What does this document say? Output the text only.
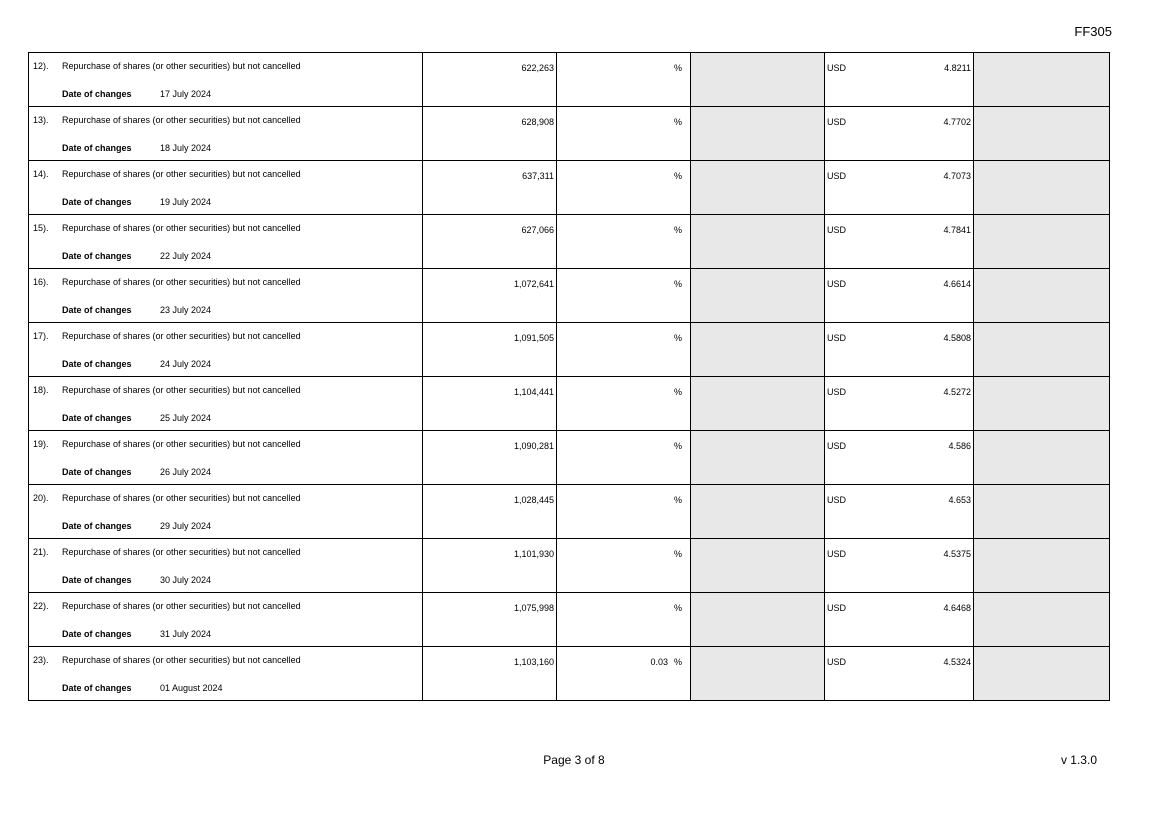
FF305
12). Repurchase of shares (or other securities) but not cancelled
Date of changes 17 July 2024	622,263	%		USD 4.8211	

13). Repurchase of shares (or other securities) but not cancelled
Date of changes 18 July 2024	628,908	%		USD 4.7702	

14). Repurchase of shares (or other securities) but not cancelled
Date of changes 19 July 2024	637,311	%		USD 4.7073	

15). Repurchase of shares (or other securities) but not cancelled
Date of changes 22 July 2024	627,066	%		USD 4.7841	

16). Repurchase of shares (or other securities) but not cancelled
Date of changes 23 July 2024	1,072,641	%		USD 4.6614	

17). Repurchase of shares (or other securities) but not cancelled
Date of changes 24 July 2024	1,091,505	%		USD 4.5808	

18). Repurchase of shares (or other securities) but not cancelled
Date of changes 25 July 2024	1,104,441	%		USD 4.5272	

19). Repurchase of shares (or other securities) but not cancelled
Date of changes 26 July 2024	1,090,281	%		USD 4.586	

20). Repurchase of shares (or other securities) but not cancelled
Date of changes 29 July 2024	1,028,445	%		USD 4.653	

21). Repurchase of shares (or other securities) but not cancelled
Date of changes 30 July 2024	1,101,930	%		USD 4.5375	

22). Repurchase of shares (or other securities) but not cancelled
Date of changes 31 July 2024	1,075,998	%		USD 4.6468	

23). Repurchase of shares (or other securities) but not cancelled
Date of changes 01 August 2024	1,103,160	0.03 %		USD 4.5324	

Page 3 of 8	v 1.3.0
